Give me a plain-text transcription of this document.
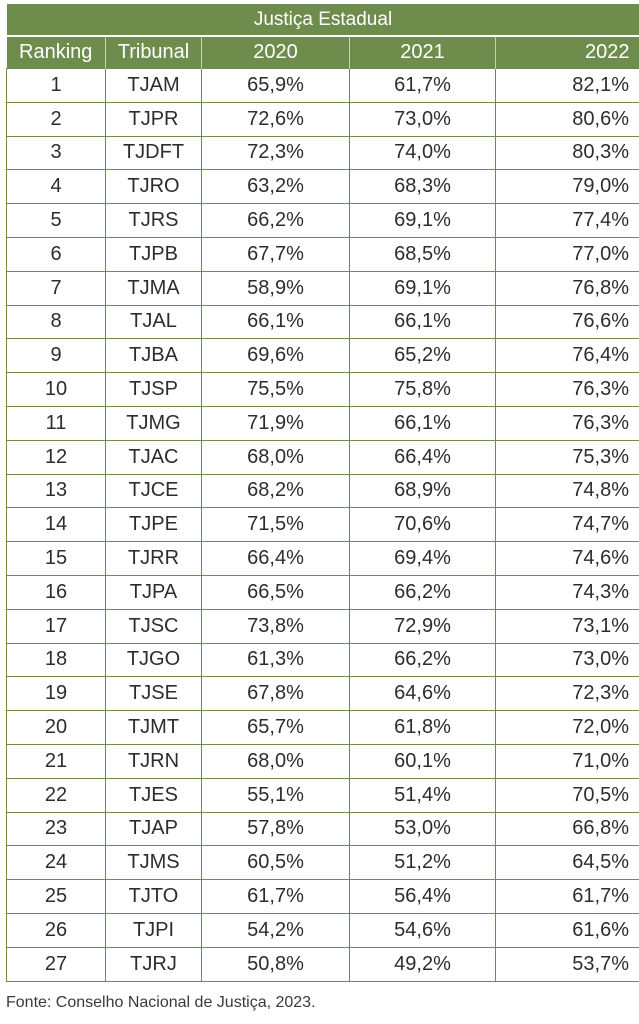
Justiça Estadual				
Ranking	Tribunal	2020	2021	2022
1	TJAM	65,9%	61,7%	82,1%
2	TJPR	72,6%	73,0%	80,6%
3	TJDFT	72,3%	74,0%	80,3%
4	TJRO	63,2%	68,3%	79,0%
5	TJRS	66,2%	69,1%	77,4%
6	TJPB	67,7%	68,5%	77,0%
7	TJMA	58,9%	69,1%	76,8%
8	TJAL	66,1%	66,1%	76,6%
9	TJBA	69,6%	65,2%	76,4%
10	TJSP	75,5%	75,8%	76,3%
11	TJMG	71,9%	66,1%	76,3%
12	TJAC	68,0%	66,4%	75,3%
13	TJCE	68,2%	68,9%	74,8%
14	TJPE	71,5%	70,6%	74,7%
15	TJRR	66,4%	69,4%	74,6%
16	TJPA	66,5%	66,2%	74,3%
17	TJSC	73,8%	72,9%	73,1%
18	TJGO	61,3%	66,2%	73,0%
19	TJSE	67,8%	64,6%	72,3%
20	TJMT	65,7%	61,8%	72,0%
21	TJRN	68,0%	60,1%	71,0%
22	TJES	55,1%	51,4%	70,5%
23	TJAP	57,8%	53,0%	66,8%
24	TJMS	60,5%	51,2%	64,5%
25	TJTO	61,7%	56,4%	61,7%
26	TJPI	54,2%	54,6%	61,6%
27	TJRJ	50,8%	49,2%	53,7%
Fonte: Conselho Nacional de Justiça, 2023.
